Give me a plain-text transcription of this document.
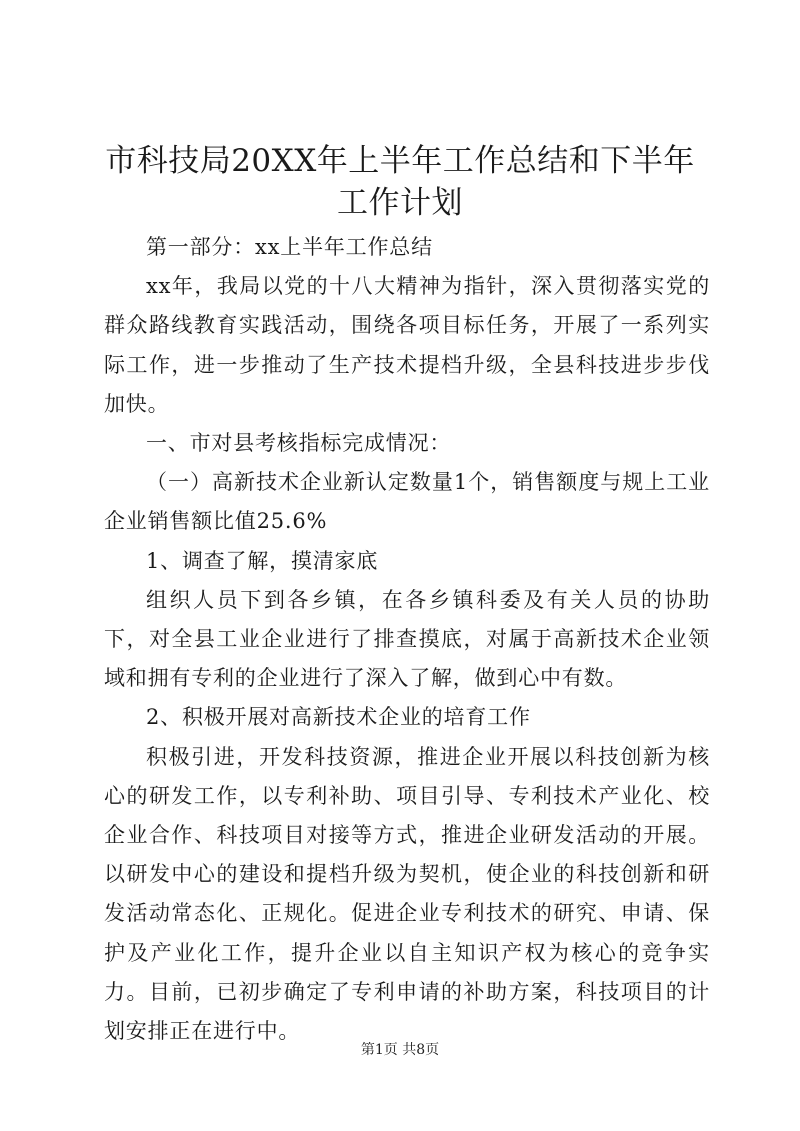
市科技局20XX年上半年工作总结和下半年工作计划

第一部分：xx上半年工作总结

xx年，我局以党的十八大精神为指针，深入贯彻落实党的群众路线教育实践活动，围绕各项目标任务，开展了一系列实际工作，进一步推动了生产技术提档升级，全县科技进步步伐加快。

一、市对县考核指标完成情况：

（一）高新技术企业新认定数量1个，销售额度与规上工业企业销售额比值25.6%

1、调查了解，摸清家底

组织人员下到各乡镇，在各乡镇科委及有关人员的协助下，对全县工业企业进行了排查摸底，对属于高新技术企业领域和拥有专利的企业进行了深入了解，做到心中有数。

2、积极开展对高新技术企业的培育工作

积极引进，开发科技资源，推进企业开展以科技创新为核心的研发工作，以专利补助、项目引导、专利技术产业化、校企业合作、科技项目对接等方式，推进企业研发活动的开展。以研发中心的建设和提档升级为契机，使企业的科技创新和研发活动常态化、正规化。促进企业专利技术的研究、申请、保护及产业化工作，提升企业以自主知识产权为核心的竞争实力。目前，已初步确定了专利申请的补助方案，科技项目的计划安排正在进行中。

第1页 共8页
